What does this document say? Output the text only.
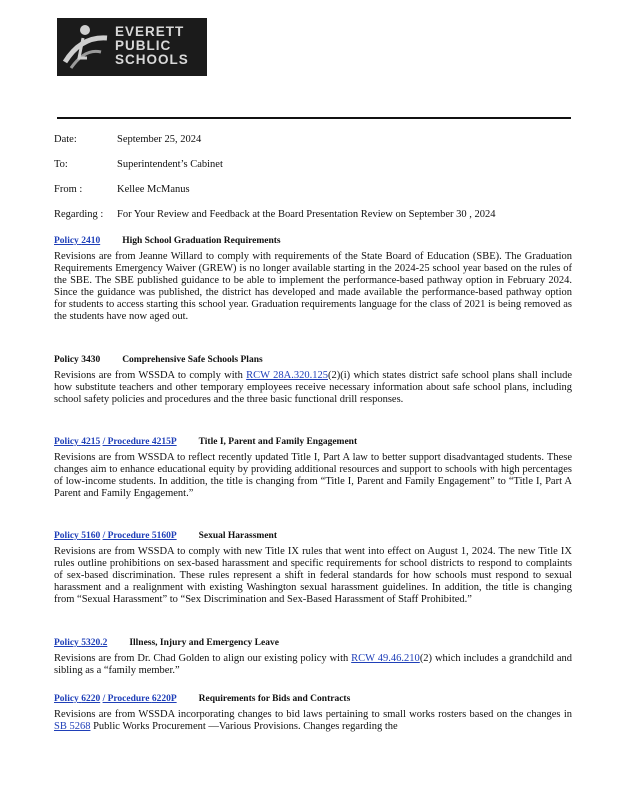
EVERETT
PUBLIC
SCHOOLS
Date:	September 25, 2024
To:	Superintendent’s Cabinet
From :	Kellee McManus
Regarding : For Your Review and Feedback at the Board Presentation Review on September 30 , 2024
Policy 2410 High School Graduation Requirements
Revisions are from Jeanne Willard to comply with requirements of the State Board of Education (SBE). The Graduation Requirements Emergency Waiver (GREW) is no longer available starting in the 2024-25 school year based on the rules of the SBE. The SBE published guidance to be able to implement the performance-based pathway option in February 2024. Since the guidance was published, the district has developed and made available the performance-based pathway option for students to access starting this school year. Graduation requirements language for the class of 2021 is being removed as the students have now aged out.
Policy 3430 Comprehensive Safe Schools Plans
Revisions are from WSSDA to comply with RCW 28A.320.125(2)(i) which states district safe school plans shall include how substitute teachers and other temporary employees receive necessary information about safe school plans, including school safety policies and procedures and the three basic functional drill responses.
Policy 4215 / Procedure 4215P Title I, Parent and Family Engagement
Revisions are from WSSDA to reflect recently updated Title I, Part A law to better support disadvantaged students. These changes aim to enhance educational equity by providing additional resources and support to schools with high percentages of low-income students. In addition, the title is changing from “Title I, Parent and Family Engagement” to “Title I, Part A Parent and Family Engagement.”
Policy 5160 / Procedure 5160P Sexual Harassment
Revisions are from WSSDA to comply with new Title IX rules that went into effect on August 1, 2024. The new Title IX rules outline prohibitions on sex-based harassment and specific requirements for school districts to respond to complaints of sex-based discrimination. These rules represent a shift in federal standards for how schools must respond to sexual harassment and a realignment with existing Washington sexual harassment guidelines. In addition, the title is changing from “Sexual Harassment” to “Sex Discrimination and Sex-Based Harassment of Staff Prohibited.”
Policy 5320.2 Illness, Injury and Emergency Leave
Revisions are from Dr. Chad Golden to align our existing policy with RCW 49.46.210(2) which includes a grandchild and sibling as a “family member.”
Policy 6220 / Procedure 6220P Requirements for Bids and Contracts
Revisions are from WSSDA incorporating changes to bid laws pertaining to small works rosters based on the changes in SB 5268 Public Works Procurement —Various Provisions. Changes regarding the
